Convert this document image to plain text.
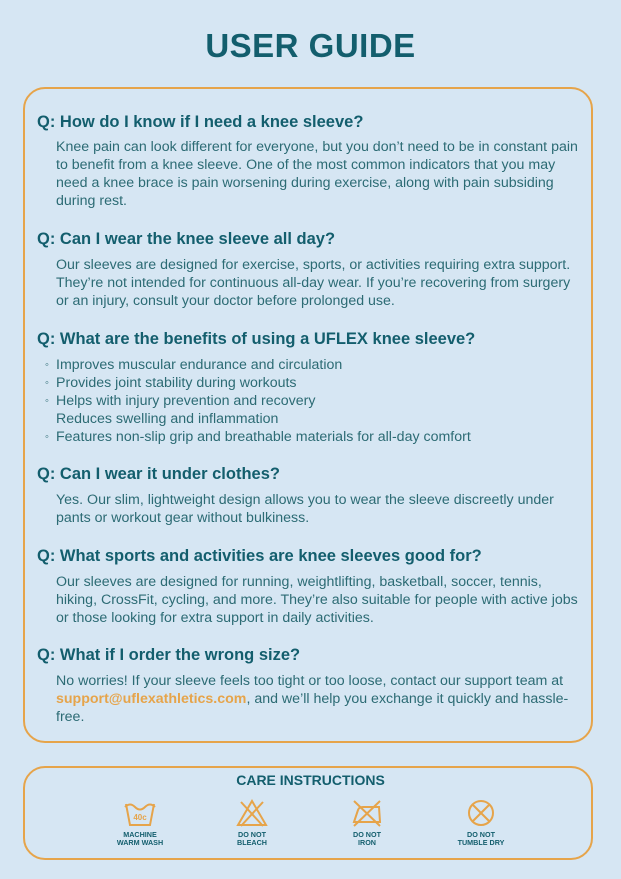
USER GUIDE
Q: How do I know if I need a knee sleeve?

Knee pain can look different for everyone, but you don’t need to be in constant pain to benefit from a knee sleeve. One of the most common indicators that you may need a knee brace is pain worsening during exercise, along with pain subsiding during rest.

Q: Can I wear the knee sleeve all day?

Our sleeves are designed for exercise, sports, or activities requiring extra support. They’re not intended for continuous all-day wear. If you’re recovering from surgery or an injury, consult your doctor before prolonged use.

Q: What are the benefits of using a UFLEX knee sleeve?
◦ Improves muscular endurance and circulation
◦ Provides joint stability during workouts
◦ Helps with injury prevention and recovery
Reduces swelling and inflammation
◦ Features non-slip grip and breathable materials for all-day comfort
Q: Can I wear it under clothes?

Yes. Our slim, lightweight design allows you to wear the sleeve discreetly under pants or workout gear without bulkiness.

Q: What sports and activities are knee sleeves good for?

Our sleeves are designed for running, weightlifting, basketball, soccer, tennis, hiking, CrossFit, cycling, and more. They’re also suitable for people with active jobs or those looking for extra support in daily activities.

Q: What if I order the wrong size?

No worries! If your sleeve feels too tight or too loose, contact our support team at support@uflexathletics.com, and we’ll help you exchange it quickly and hassle-free.

CARE INSTRUCTIONS
40c
MACHINE
WARM WASH
DO NOT
BLEACH
DO NOT
IRON
DO NOT
TUMBLE DRY
